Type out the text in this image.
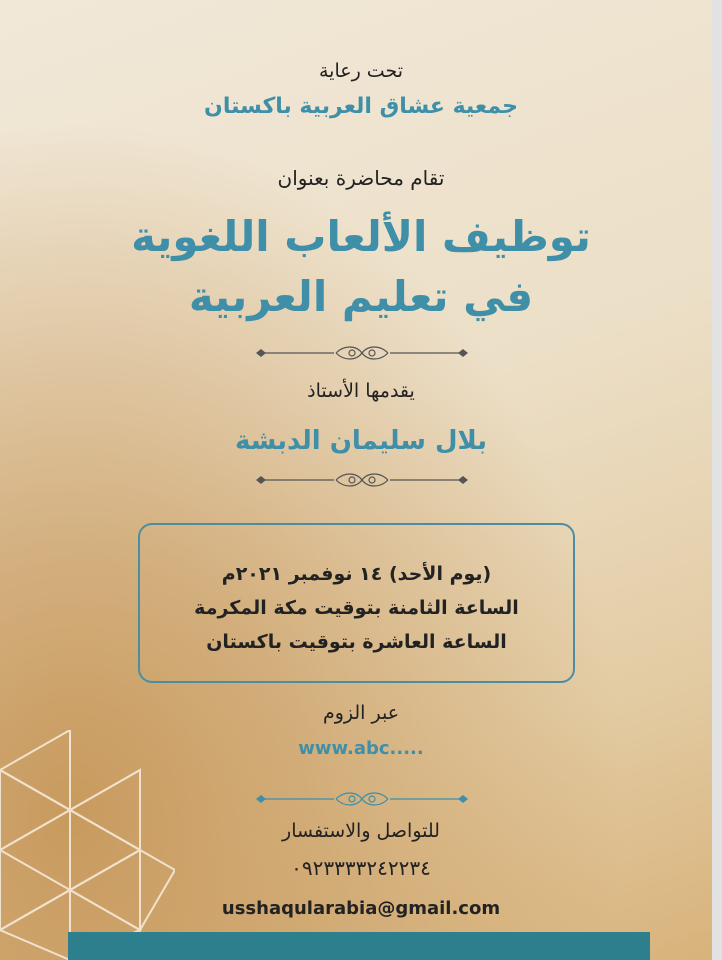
تحت رعاية
جمعية عشاق العربية باكستان
تقام محاضرة بعنوان
توظيف الألعاب اللغوية
في تعليم العربية
يقدمها الأستاذ
بلال سليمان الدبشة
(يوم الأحد) ١٤ نوفمبر ٢٠٢١م
الساعة الثامنة بتوقيت مكة المكرمة
الساعة العاشرة بتوقيت باكستان
عبر الزوم
www.abc.....
للتواصل والاستفسار
٠٩٢٣٣٣٣٢٤٢٢٣٤
usshaqularabia@gmail.com
